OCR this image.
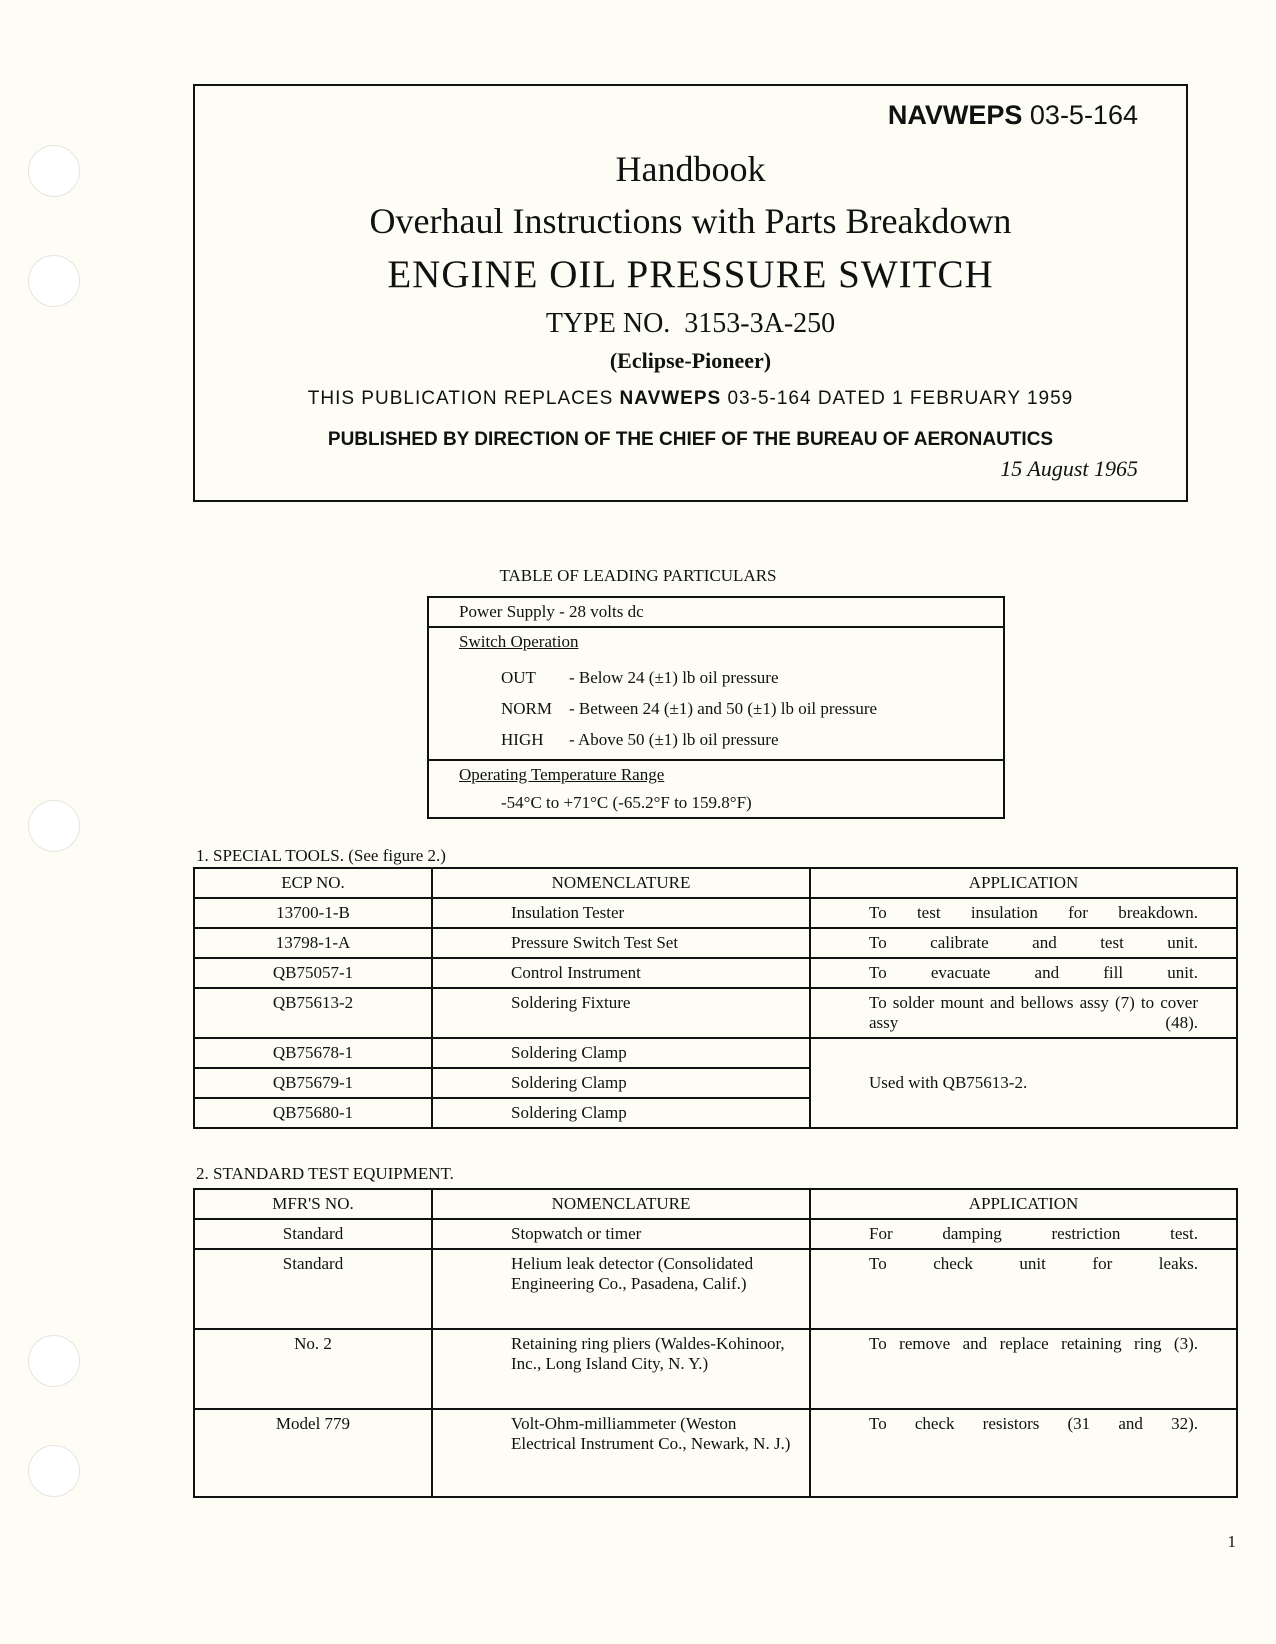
NAVWEPS 03-5-164
Handbook
Overhaul Instructions with Parts Breakdown
ENGINE OIL PRESSURE SWITCH
TYPE NO.  3153-3A-250
(Eclipse-Pioneer)
THIS PUBLICATION REPLACES NAVWEPS 03-5-164 DATED 1 FEBRUARY 1959
PUBLISHED BY DIRECTION OF THE CHIEF OF THE BUREAU OF AERONAUTICS
15 August 1965
TABLE OF LEADING PARTICULARS
Power Supply - 28 volts dc
Switch Operation
OUT - Below 24 (±1) lb oil pressure
NORM - Between 24 (±1) and 50 (±1) lb oil pressure
HIGH - Above 50 (±1) lb oil pressure

Operating Temperature Range

-54°C to +71°C (-65.2°F to 159.8°F)
1. SPECIAL TOOLS. (See figure 2.)
ECP NO.	NOMENCLATURE	APPLICATION
13700-1-B	Insulation Tester	To test insulation for breakdown.

13798-1-A	Pressure Switch Test Set	To calibrate and test unit.

QB75057-1	Control Instrument	To evacuate and fill unit.

QB75613-2	Soldering Fixture	To solder mount and bellows assy (7) to cover assy (48).

QB75678-1	Soldering Clamp	Used with QB75613-2.
QB75679-1	Soldering Clamp	
QB75680-1	Soldering Clamp	
2. STANDARD TEST EQUIPMENT.
MFR'S NO.	NOMENCLATURE	APPLICATION
Standard	Stopwatch or timer	For damping restriction test.

Standard	Helium leak detector (Consolidated Engineering Co., Pasadena, Calif.)	To check unit for leaks.

No. 2	Retaining ring pliers (Waldes-Kohinoor, Inc., Long Island City, N. Y.)	To remove and replace retaining ring (3).

Model 779	Volt-Ohm-milliammeter (Weston Electrical Instrument Co., Newark, N. J.)	To check resistors (31 and 32).
1
